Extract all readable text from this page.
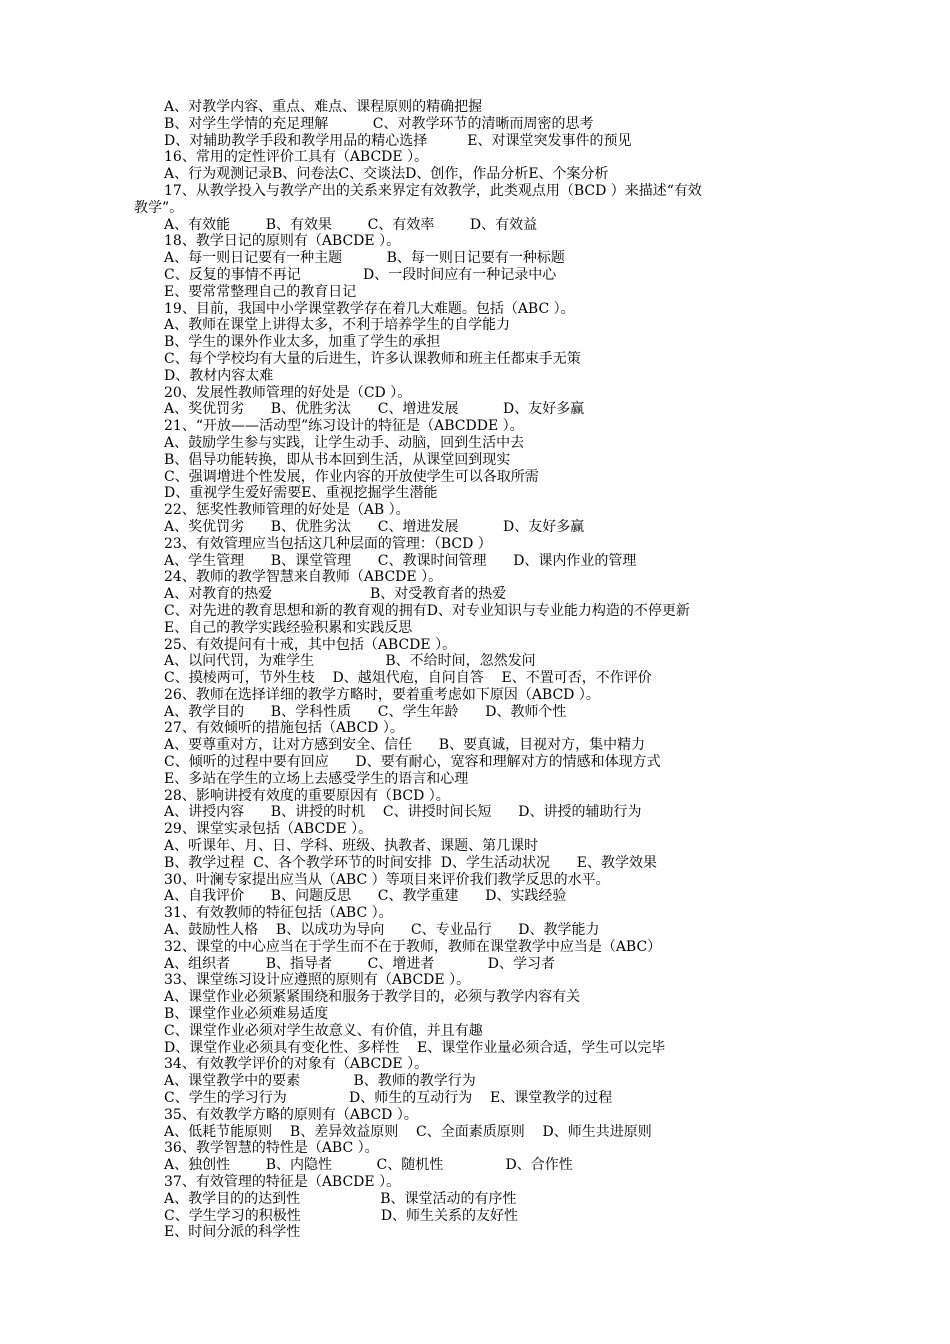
A、对教学内容、重点、难点、课程原则的精确把握
B、对学生学情的充足理解          C、对教学环节的清晰而周密的思考
D、对辅助教学手段和教学用品的精心选择         E、对课堂突发事件的预见
16、常用的定性评价工具有（ABCDE ）。
A、行为观测记录B、问卷法C、交谈法D、创作，作品分析E、个案分析
17、从教学投入与教学产出的关系来界定有效教学，此类观点用（BCD ）来描述“有效
教学”。
A、有效能        B、有效果        C、有效率        D、有效益
18、教学日记的原则有（ABCDE ）。
A、每一则日记要有一种主题          B、每一则日记要有一种标题
C、反复的事情不再记              D、一段时间应有一种记录中心
E、要常常整理自己的教育日记
19、目前，我国中小学课堂教学存在着几大难题。包括（ABC ）。
A、教师在课堂上讲得太多，不利于培养学生的自学能力
B、学生的课外作业太多，加重了学生的承担
C、每个学校均有大量的后进生，许多认课教师和班主任都束手无策
D、教材内容太难
20、发展性教师管理的好处是（CD ）。
A、奖优罚劣      B、优胜劣汰      C、增进发展          D、友好多赢
21、“开放——活动型”练习设计的特征是（ABCDDE ）。
A、鼓励学生参与实践，让学生动手、动脑，回到生活中去
B、倡导功能转换，即从书本回到生活，从课堂回到现实
C、强调增进个性发展，作业内容的开放使学生可以各取所需
D、重视学生爱好需要E、重视挖掘学生潜能
22、惩奖性教师管理的好处是（AB ）。
A、奖优罚劣      B、优胜劣汰      C、增进发展          D、友好多赢
23、有效管理应当包括这几种层面的管理：（BCD ）
A、学生管理      B、课堂管理      C、教课时间管理      D、课内作业的管理
24、教师的教学智慧来自教师（ABCDE ）。
A、对教育的热爱                      B、对受教育者的热爱
C、对先进的教育思想和新的教育观的拥有D、对专业知识与专业能力构造的不停更新
E、自己的教学实践经验积累和实践反思
25、有效提问有十戒，其中包括（ABCDE ）。
A、以问代罚，为难学生                B、不给时间，忽然发问
C、摸棱两可，节外生枝    D、越俎代庖，自问自答    E、不置可否，不作评价
26、教师在选择详细的教学方略时，要着重考虑如下原因（ABCD ）。
A、教学目的      B、学科性质      C、学生年龄      D、教师个性
27、有效倾听的措施包括（ABCD ）。
A、要尊重对方，让对方感到安全、信任      B、要真诚，目视对方，集中精力
C、倾听的过程中要有回应      D、要有耐心，宽容和理解对方的情感和体现方式
E、多站在学生的立场上去感受学生的语言和心理
28、影响讲授有效度的重要原因有（BCD ）。
A、讲授内容      B、讲授的时机    C、讲授时间长短      D、讲授的辅助行为
29、课堂实录包括（ABCDE ）。
A、听课年、月、日、学科、班级、执教者、课题、第几课时
B、教学过程  C、各个教学环节的时间安排  D、学生活动状况      E、教学效果
30、叶澜专家提出应当从（ABC ）等项目来评价我们教学反思的水平。
A、自我评价      B、问题反思      C、教学重建      D、实践经验
31、有效教师的特征包括（ABC ）。
A、鼓励性人格    B、以成功为导向      C、专业品行      D、教学能力
32、课堂的中心应当在于学生而不在于教师，教师在课堂教学中应当是（ABC）
A、组织者        B、指导者        C、增进者            D、学习者
33、课堂练习设计应遵照的原则有（ABCDE ）。
A、课堂作业必须紧紧围绕和服务于教学目的，必须与教学内容有关
B、课堂作业必须难易适度
C、课堂作业必须对学生故意义、有价值，并且有趣
D、课堂作业必须具有变化性、多样性    E、课堂作业量必须合适，学生可以完毕
34、有效教学评价的对象有（ABCDE ）。
A、课堂教学中的要素            B、教师的教学行为
C、学生的学习行为              D、师生的互动行为    E、课堂教学的过程
35、有效教学方略的原则有（ABCD ）。
A、低耗节能原则    B、差异效益原则    C、全面素质原则    D、师生共进原则
36、教学智慧的特性是（ABC ）。
A、独创性        B、内隐性          C、随机性              D、合作性
37、有效管理的特征是（ABCDE ）。
A、教学目的的达到性                  B、课堂活动的有序性
C、学生学习的积极性                  D、师生关系的友好性
E、时间分派的科学性
